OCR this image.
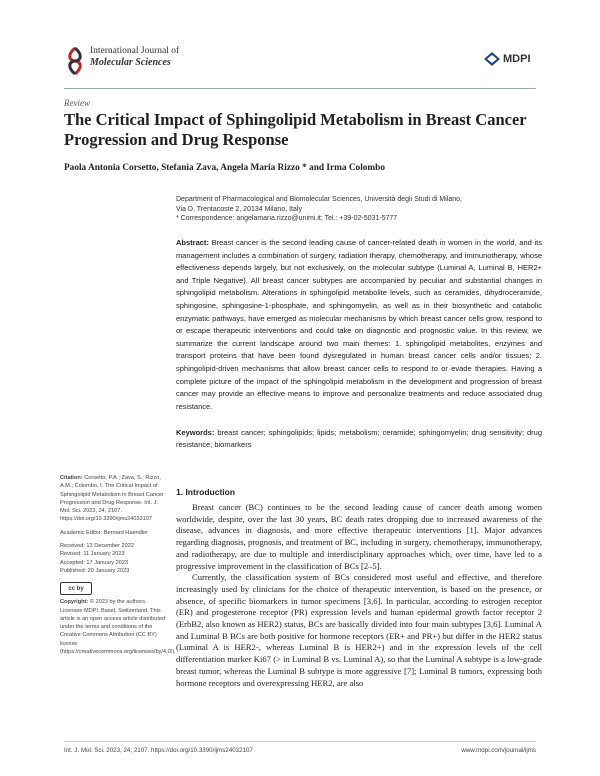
International Journal of
Molecular Sciences	MDPI
Review
The Critical Impact of Sphingolipid Metabolism in Breast Cancer Progression and Drug Response
Paola Antonia Corsetto, Stefania Zava, Angela Maria Rizzo * and Irma Colombo
Department of Pharmacological and Biomolecular Sciences, Università degli Studi di Milano,
Via D. Trentacoste 2, 20134 Milano, Italy
* Correspondence: angelamaria.rizzo@unimi.it; Tel.: +39-02-5031-5777
Abstract: Breast cancer is the second leading cause of cancer-related death in women in the world, and its management includes a combination of surgery, radiation therapy, chemotherapy, and immunotherapy, whose effectiveness depends largely, but not exclusively, on the molecular subtype (Luminal A, Luminal B, HER2+ and Triple Negative). All breast cancer subtypes are accompanied by peculiar and substantial changes in sphingolipid metabolism. Alterations in sphingolipid metabolite levels, such as ceramides, dihydroceramide, sphingosine, sphingosine-1-phosphate, and sphingomyelin, as well as in their biosynthetic and catabolic enzymatic pathways, have emerged as molecular mechanisms by which breast cancer cells grow, respond to or escape therapeutic interventions and could take on diagnostic and prognostic value. In this review, we summarize the current landscape around two main themes: 1. sphingolipid metabolites, enzymes and transport proteins that have been found dysregulated in human breast cancer cells and/or tissues; 2. sphingolipid-driven mechanisms that allow breast cancer cells to respond to or evade therapies. Having a complete picture of the impact of the sphingolipid metabolism in the development and progression of breast cancer may provide an effective means to improve and personalize treatments and reduce associated drug resistance.
Keywords: breast cancer; sphingolipids; lipids; metabolism; ceramide; sphingomyelin; drug sensitivity; drug resistance; biomarkers

Citation: Corsetto, P.A.; Zava, S.; Rizzo, A.M.; Colombo, I. The Critical Impact of Sphingolipid Metabolism in Breast Cancer Progression and Drug Response. Int. J. Mol. Sci. 2023, 24, 2107. https://doi.org/10.3390/ijms24032107

Academic Editor: Bernard Haendler

Received: 13 December 2022
Revised: 11 January 2023
Accepted: 17 January 2023
Published: 20 January 2023
cc by

Copyright: © 2023 by the authors. Licensee MDPI, Basel, Switzerland. This article is an open access article distributed under the terms and conditions of the Creative Commons Attribution (CC BY) license (https://creativecommons.org/licenses/by/4.0/).

1. Introduction

Breast cancer (BC) continues to be the second leading cause of cancer death among women worldwide, despite, over the last 30 years, BC death rates dropping due to increased awareness of the disease, advances in diagnosis, and more effective therapeutic interventions [1]. Major advances regarding diagnosis, prognosis, and treatment of BC, including in surgery, chemotherapy, immunotherapy, and radiotherapy, are due to multiple and interdisciplinary approaches which, over time, have led to a progressive improvement in the classification of BCs [2–5].

Currently, the classification system of BCs considered most useful and effective, and therefore increasingly used by clinicians for the choice of therapeutic intervention, is based on the presence, or absence, of specific biomarkers in tumor specimens [3,6]. In particular, according to estrogen receptor (ER) and progesterone receptor (PR) expression levels and human epidermal growth factor receptor 2 (ErbB2, also known as HER2) status, BCs are basically divided into four main subtypes [3,6]. Luminal A and Luminal B BCs are both positive for hormone receptors (ER+ and PR+) but differ in the HER2 status (Luminal A is HER2-, whereas Luminal B is HER2+) and in the expression levels of the cell differentiation marker Ki67 (> in Luminal B vs. Luminal A), so that the Luminal A subtype is a low-grade breast tumor, whereas the Luminal B subtype is more aggressive [7]; Luminal B tumors, expressing both hormone receptors and overexpressing HER2, are also

Int. J. Mol. Sci. 2023, 24, 2107. https://doi.org/10.3390/ijms24032107	www.mdpi.com/journal/ijms
